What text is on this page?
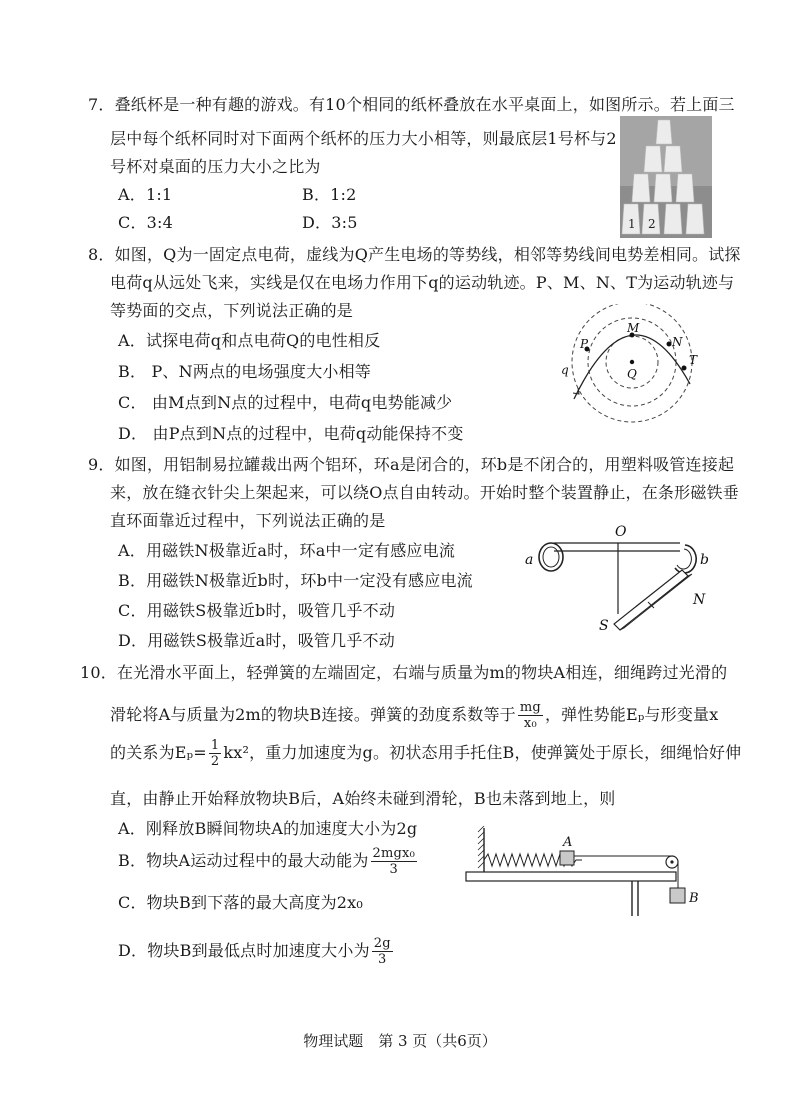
7．叠纸杯是一种有趣的游戏。有10个相同的纸杯叠放在水平桌面上，如图所示。若上面三
层中每个纸杯同时对下面两个纸杯的压力大小相等，则最底层1号杯与2
号杯对桌面的压力大小之比为
A．1:1	B．1:2
C．3:4	D．3:5	1 2
8．如图，Q为一固定点电荷，虚线为Q产生电场的等势线，相邻等势线间电势差相同。试探
电荷q从远处飞来，实线是仅在电场力作用下q的运动轨迹。P、M、N、T为运动轨迹与
等势面的交点，下列说法正确的是
A．试探电荷q和点电荷Q的电性相反
B． P、N两点的电场强度大小相等
C． 由M点到N点的过程中，电荷q电势能减少
D． 由P点到N点的过程中，电荷q动能保持不变
M
P	N
T
q	Q
9．如图，用铝制易拉罐裁出两个铝环，环a是闭合的，环b是不闭合的，用塑料吸管连接起
来，放在缝衣针尖上架起来，可以绕O点自由转动。开始时整个装置静止，在条形磁铁垂
直环面靠近过程中，下列说法正确的是
A．用磁铁N极靠近a时，环a中一定有感应电流
B．用磁铁N极靠近b时，环b中一定没有感应电流
C．用磁铁S极靠近b时，吸管几乎不动
D．用磁铁S极靠近a时，吸管几乎不动
O
a	b
S
N
10．在光滑水平面上，轻弹簧的左端固定，右端与质量为m的物块A相连，细绳跨过光滑的
滑轮将A与质量为2m的物块B连接。弹簧的劲度系数等于 $\frac{mg}{\text{x₀}}$ ，弹性势能Eₚ与形变量x
的关系为$E_p= \frac{1}{2} kx^2$，重力加速度为g。初状态用手托住B，使弹簧处于原长，细绳恰好伸
直，由静止开始释放物块B后，A始终未碰到滑轮，B也未落到地上，则
A．刚释放B瞬间物块A的加速度大小为2g
B．物块A运动过程中的最大动能为 $\frac{\text{2mgx₀}}{3}$
C．物块B到下落的最大高度为2x₀
D．物块B到最低点时加速度大小为 $\frac{2g}{3}$
A
B
物理试题　第 3 页（共6页）
